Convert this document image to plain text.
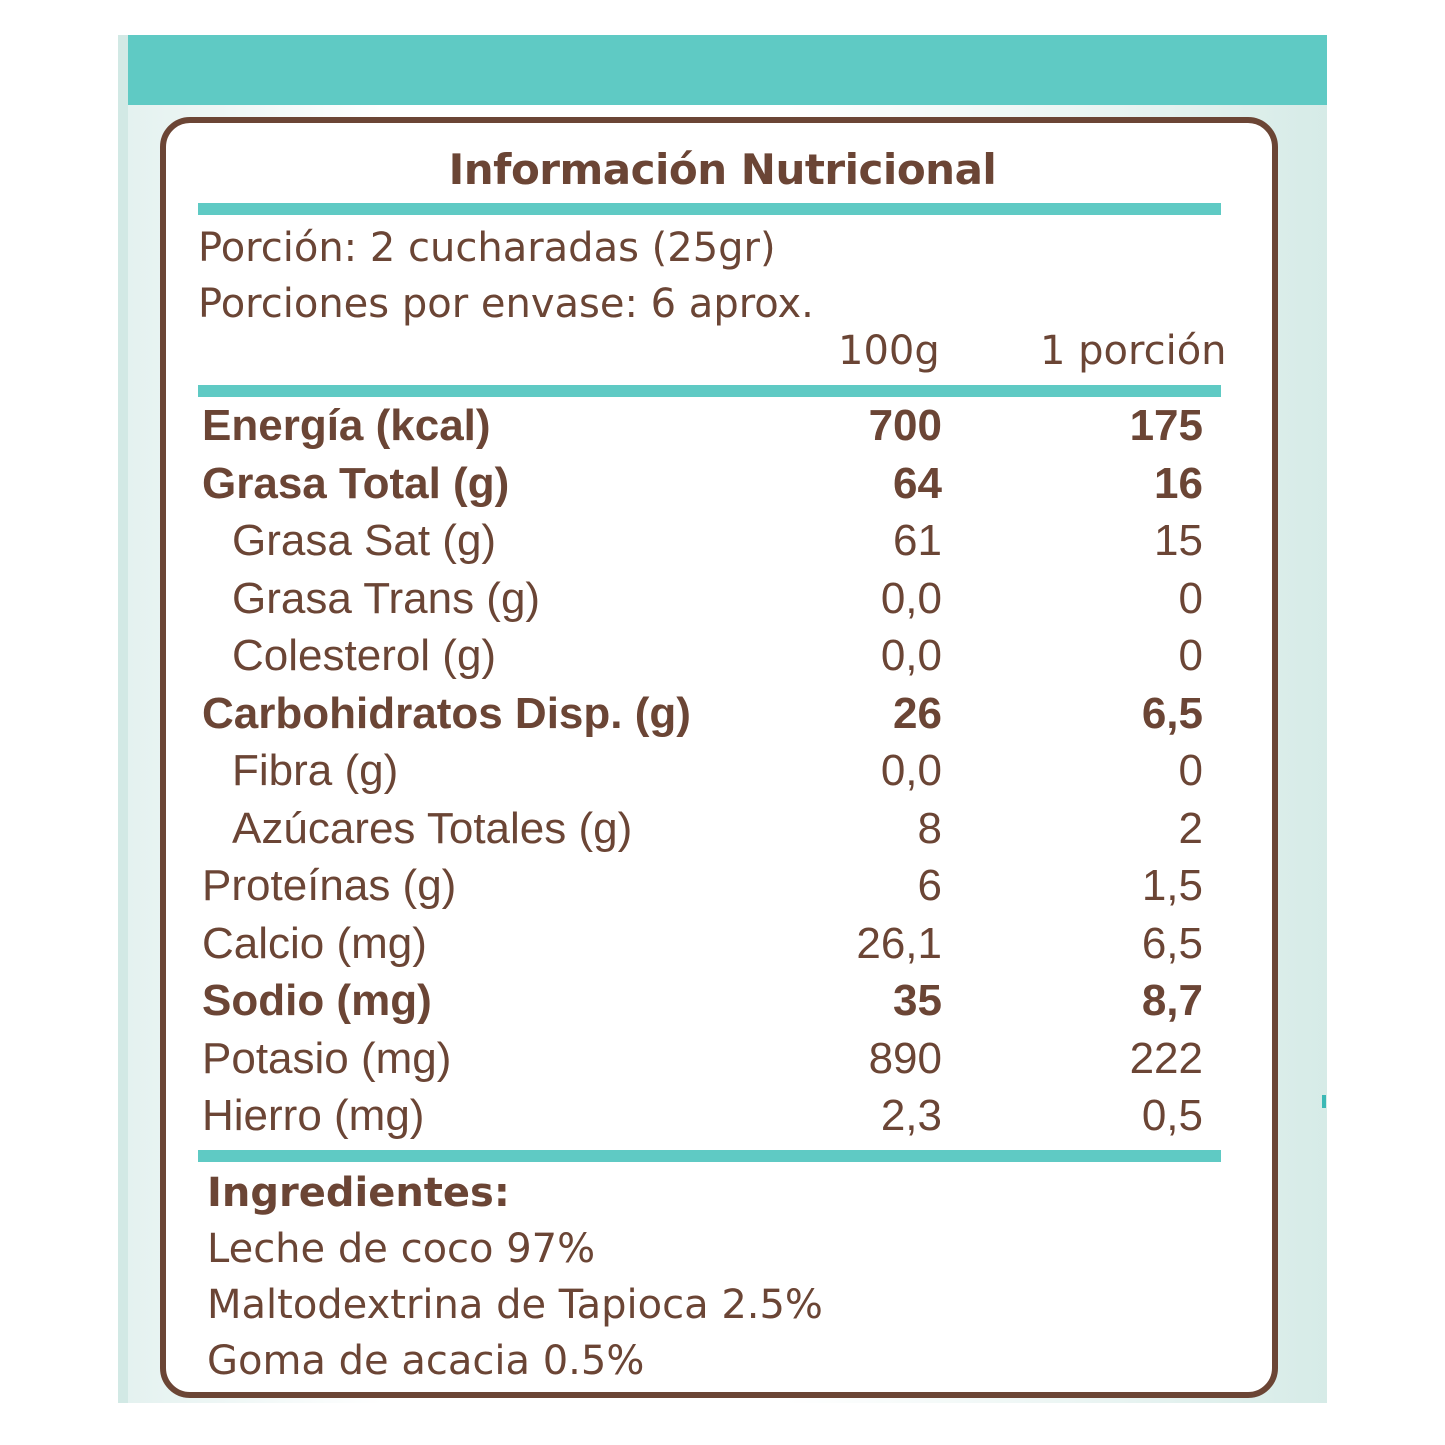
Información Nutricional
Porción: 2 cucharadas (25gr)
Porciones por envase: 6 aprox.
100g	1 porción
Energía (kcal)	700	175
Grasa Total (g)	64	16
Grasa Sat (g)	61	15
Grasa Trans (g)	0,0	0
Colesterol (g)	0,0	0
Carbohidratos Disp. (g)	26	6,5
Fibra (g)	0,0	0
Azúcares Totales (g)	8	2
Proteínas (g)	6	1,5
Calcio (mg)	26,1	6,5
Sodio (mg)	35	8,7
Potasio (mg)	890	222
Hierro (mg)	2,3	0,5
Ingredientes:
Leche de coco 97%
Maltodextrina de Tapioca 2.5%
Goma de acacia 0.5%
